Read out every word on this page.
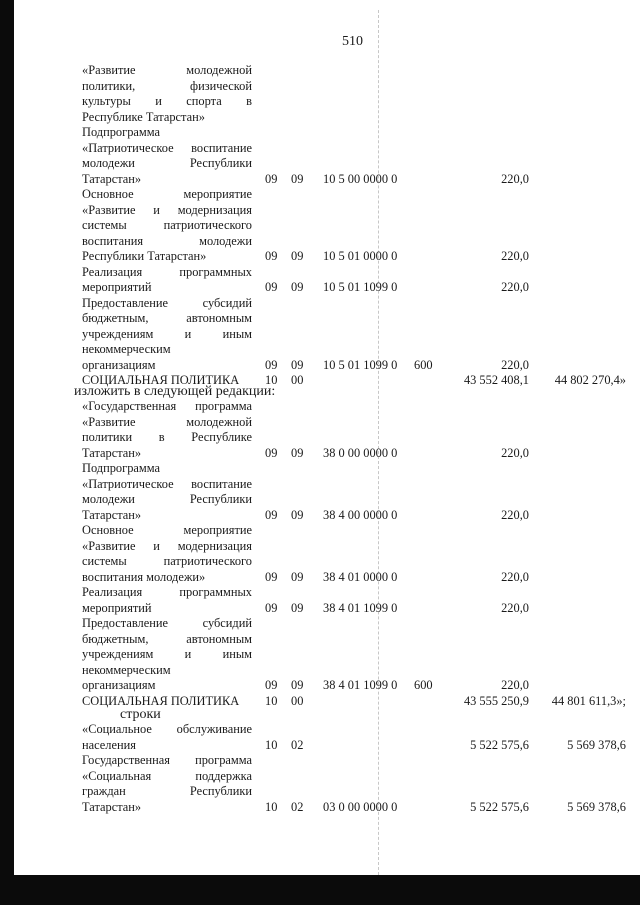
510
«Развитие молодежной
политики, физической
культуры и спорта в
Республике Татарстан»
Подпрограмма
«Патриотическое воспитание
молодежи Республики
Татарстан»	09 09 10 5 00 0000 0	220,0
Основное мероприятие
«Развитие и модернизация
системы патриотического
воспитания молодежи
Республики Татарстан»	09 09 10 5 01 0000 0	220,0
Реализация программных
мероприятий	09 09 10 5 01 1099 0	220,0
Предоставление субсидий
бюджетным, автономным
учреждениям и иным
некоммерческим
организациям	09 09 10 5 01 1099 0 600	220,0
СОЦИАЛЬНАЯ ПОЛИТИКА	10 00	43 552 408,1	44 802 270,4»
«Государственная программа
«Развитие молодежной
политики в Республике
Татарстан»	09 09 38 0 00 0000 0	220,0
Подпрограмма
«Патриотическое воспитание
молодежи Республики
Татарстан»	09 09 38 4 00 0000 0	220,0
Основное мероприятие
«Развитие и модернизация
системы патриотического
воспитания молодежи»	09 09 38 4 01 0000 0	220,0
Реализация программных
мероприятий	09 09 38 4 01 1099 0	220,0
Предоставление субсидий
бюджетным, автономным
учреждениям и иным
некоммерческим
организациям	09 09 38 4 01 1099 0 600	220,0
СОЦИАЛЬНАЯ ПОЛИТИКА	10 00	43 555 250,9	44 801 611,3»;
«Социальное обслуживание
населения	10 02	5 522 575,6	5 569 378,6
Государственная программа
«Социальная поддержка
граждан Республики
Татарстан»	10 02 03 0 00 0000 0	5 522 575,6	5 569 378,6
изложить в следующей редакции:
строки
